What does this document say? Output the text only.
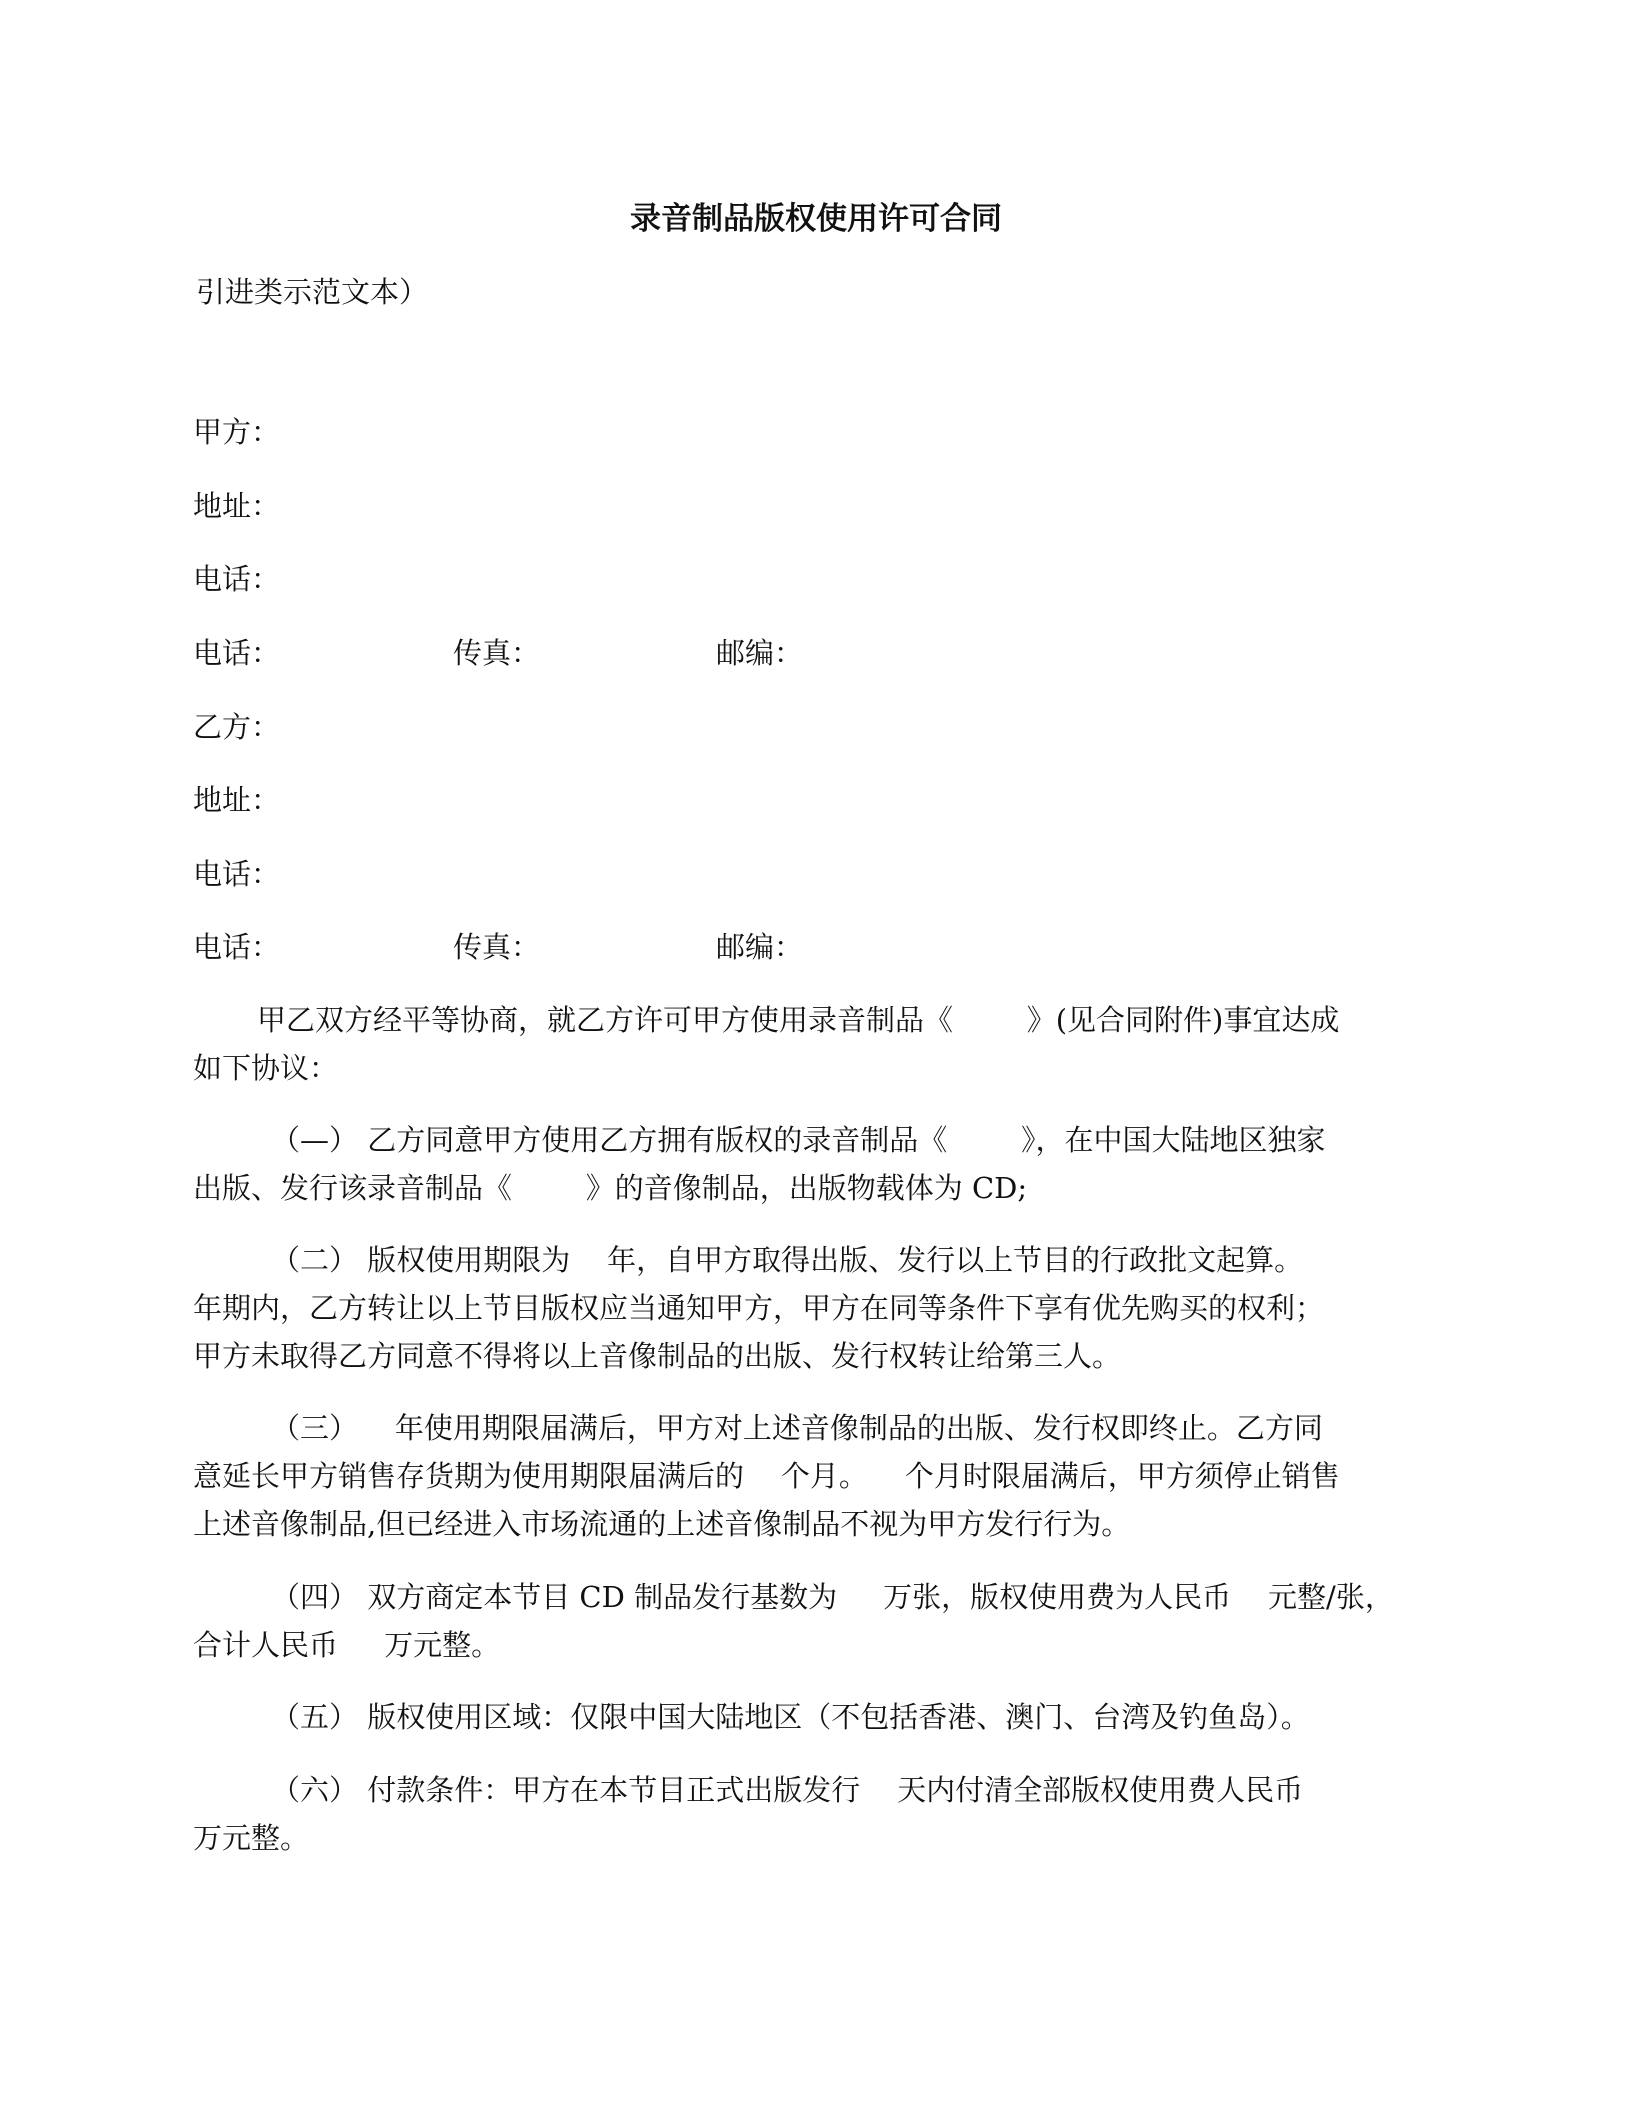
录音制品版权使用许可合同
引进类示范文本）
甲方：
地址：
电话：
电话：	传真：	邮编：
乙方：
地址：
电话：
电话：	传真：	邮编：
甲乙双方经平等协商，就乙方许可甲方使用录音制品《        》(见合同附件)事宜达成
如下协议：
（—） 乙方同意甲方使用乙方拥有版权的录音制品《        》，在中国大陆地区独家
出版、发行该录音制品《        》的音像制品，出版物载体为 CD;
（二） 版权使用期限为    年，自甲方取得出版、发行以上节目的行政批文起算。
年期内，乙方转让以上节目版权应当通知甲方，甲方在同等条件下享有优先购买的权利；
甲方未取得乙方同意不得将以上音像制品的出版、发行权转让给第三人。
（三）    年使用期限届满后，甲方对上述音像制品的出版、发行权即终止。乙方同
意延长甲方销售存货期为使用期限届满后的    个月。    个月时限届满后，甲方须停止销售
上述音像制品,但已经进入市场流通的上述音像制品不视为甲方发行行为。
（四） 双方商定本节目 CD 制品发行基数为     万张，版权使用费为人民币    元整/张，
合计人民币     万元整。
（五） 版权使用区域：仅限中国大陆地区（不包括香港、澳门、台湾及钓鱼岛）。
（六） 付款条件：甲方在本节目正式出版发行    天内付清全部版权使用费人民币
万元整。
